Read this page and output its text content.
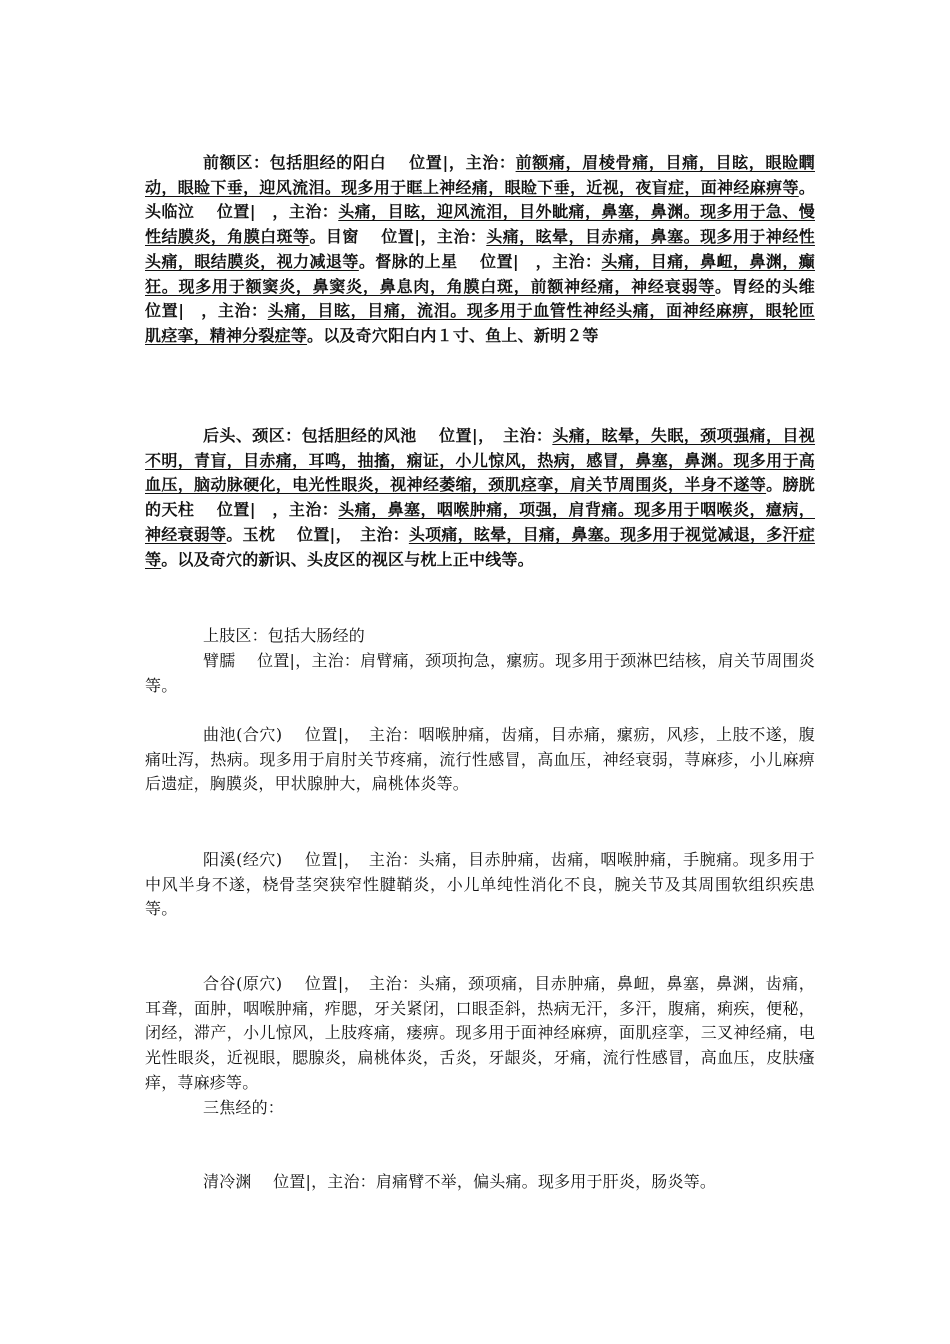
前额区：包括胆经的阳白　 位置|，主治：前额痛，眉棱骨痛，目痛，目眩，眼睑瞤动，眼睑下垂，迎风流泪。现多用于眶上神经痛，眼睑下垂，近视，夜盲症，面神经麻痹等。 头临泣　 位置|　，主治：头痛，目眩，迎风流泪，目外眦痛，鼻塞，鼻渊。现多用于急、慢性结膜炎，角膜白斑等。目窗　 位置|，主治：头痛，眩晕，目赤痛，鼻塞。现多用于神经性头痛，眼结膜炎，视力减退等。督脉的上星　 位置|　，主治：头痛，目痛，鼻衄，鼻渊，癫狂。现多用于额窦炎，鼻窦炎，鼻息肉，角膜白斑，前额神经痛，神经衰弱等。胃经的头维　 位置|　，主治：头痛，目眩，目痛，流泪。现多用于血管性神经头痛，面神经麻痹，眼轮匝肌痉挛，精神分裂症等。以及奇穴阳白内１寸、鱼上、新明２等

后头、颈区：包括胆经的风池　 位置|，　主治：头痛，眩晕，失眠，颈项强痛，目视不明，青盲，目赤痛，耳鸣，抽搐，痫证，小儿惊风，热病，感冒，鼻塞，鼻渊。现多用于高血压，脑动脉硬化，电光性眼炎，视神经萎缩，颈肌痉挛，肩关节周围炎，半身不遂等。膀胱的天柱　 位置|　，主治：头痛，鼻塞，咽喉肿痛，项强，肩背痛。现多用于咽喉炎，癔病，神经衰弱等。玉枕　 位置|，　主治：头项痛，眩晕，目痛，鼻塞。现多用于视觉减退，多汗症等。以及奇穴的新识、头皮区的视区与枕上正中线等。

上肢区：包括大肠经的

臂臑　 位置|，主治：肩臂痛，颈项拘急，瘰疬。现多用于颈淋巴结核，肩关节周围炎等。

曲池(合穴)　 位置|，　主治：咽喉肿痛，齿痛，目赤痛，瘰疬，风疹，上肢不遂，腹痛吐泻，热病。现多用于肩肘关节疼痛，流行性感冒，高血压，神经衰弱，荨麻疹，小儿麻痹后遗症，胸膜炎，甲状腺肿大，扁桃体炎等。

阳溪(经穴)　 位置|，　主治：头痛，目赤肿痛，齿痛，咽喉肿痛，手腕痛。现多用于中风半身不遂，桡骨茎突狭窄性腱鞘炎，小儿单纯性消化不良，腕关节及其周围软组织疾患等。

合谷(原穴)　 位置|，　主治：头痛，颈项痛，目赤肿痛，鼻衄，鼻塞，鼻渊，齿痛，耳聋，面肿，咽喉肿痛，痄腮，牙关紧闭，口眼歪斜，热病无汗，多汗，腹痛，痢疾，便秘，闭经，滞产，小儿惊风，上肢疼痛，瘘痹。现多用于面神经麻痹，面肌痉挛，三叉神经痛，电光性眼炎，近视眼，腮腺炎，扁桃体炎，舌炎，牙龈炎，牙痛，流行性感冒，高血压，皮肤瘙痒，荨麻疹等。

三焦经的：

清冷渊　 位置|，主治：肩痛臂不举，偏头痛。现多用于肝炎，肠炎等。
